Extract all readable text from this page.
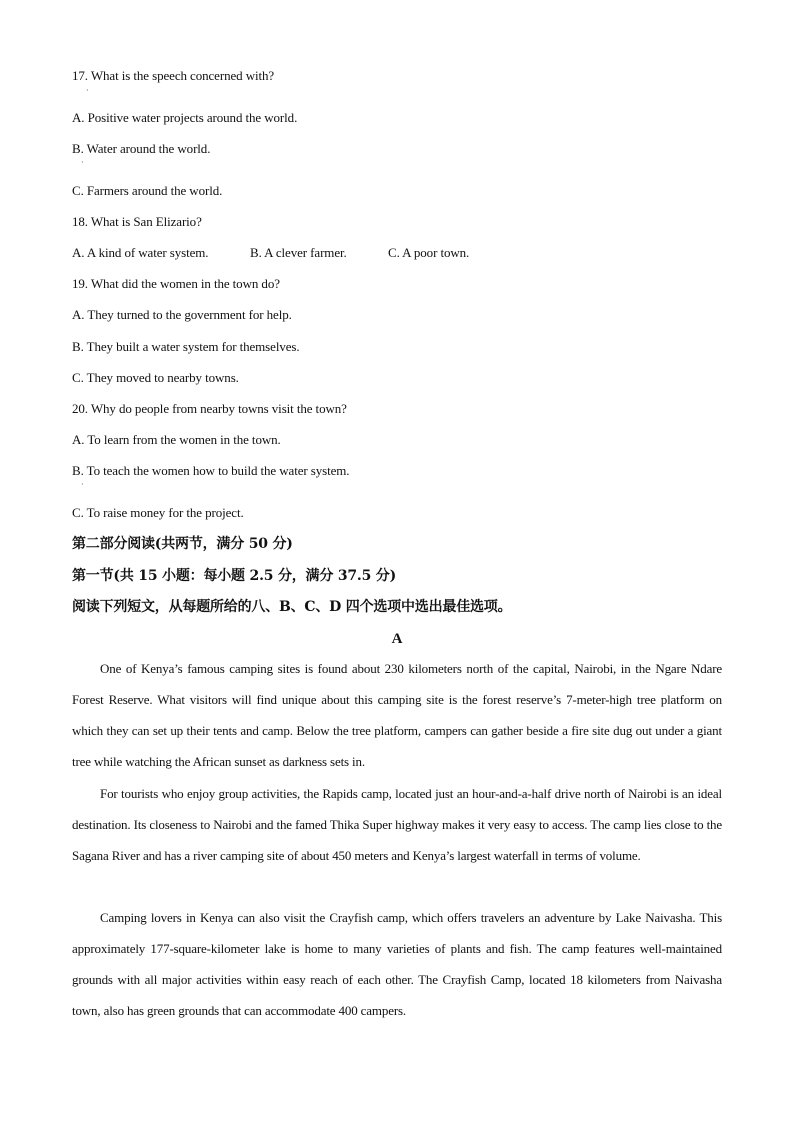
17. What is the speech concerned with?
·
A. Positive water projects around the world.
B. Water around the world.
·
C. Farmers around the world.
18. What is San Elizario?
A. A kind of water system.	B. A clever farmer.	C. A poor town.
19. What did the women in the town do?
A. They turned to the government for help.
B. They built a water system for themselves.
C. They moved to nearby towns.
20. Why do people from nearby towns visit the town?
A. To learn from the women in the town.
B. To teach the women how to build the water system.
·
C. To raise money for the project.
第二部分阅读(共两节，满分 50 分)
第一节(共 15 小题：每小题 2.5 分，满分 37.5 分)
阅读下列短文，从每题所给的八、B、C、D 四个选项中选出最佳选项。
A
One of Kenya’s famous camping sites is found about 230 kilometers north of the capital, Nairobi, in the Ngare Ndare Forest Reserve. What visitors will find unique about this camping site is the forest reserve’s 7-meter-high tree platform on which they can set up their tents and camp. Below the tree platform, campers can gather beside a fire site dug out under a giant tree while watching the African sunset as darkness sets in.
For tourists who enjoy group activities, the Rapids camp, located just an hour-and-a-half drive north of Nairobi is an ideal destination. Its closeness to Nairobi and the famed Thika Super highway makes it very easy to access. The camp lies close to the Sagana River and has a river camping site of about 450 meters and Kenya’s largest waterfall in terms of volume.
Camping lovers in Kenya can also visit the Crayfish camp, which offers travelers an adventure by Lake Naivasha. This approximately 177-square-kilometer lake is home to many varieties of plants and fish. The camp features well-maintained grounds with all major activities within easy reach of each other. The Crayfish Camp, located 18 kilometers from Naivasha town, also has green grounds that can accommodate 400 campers.
